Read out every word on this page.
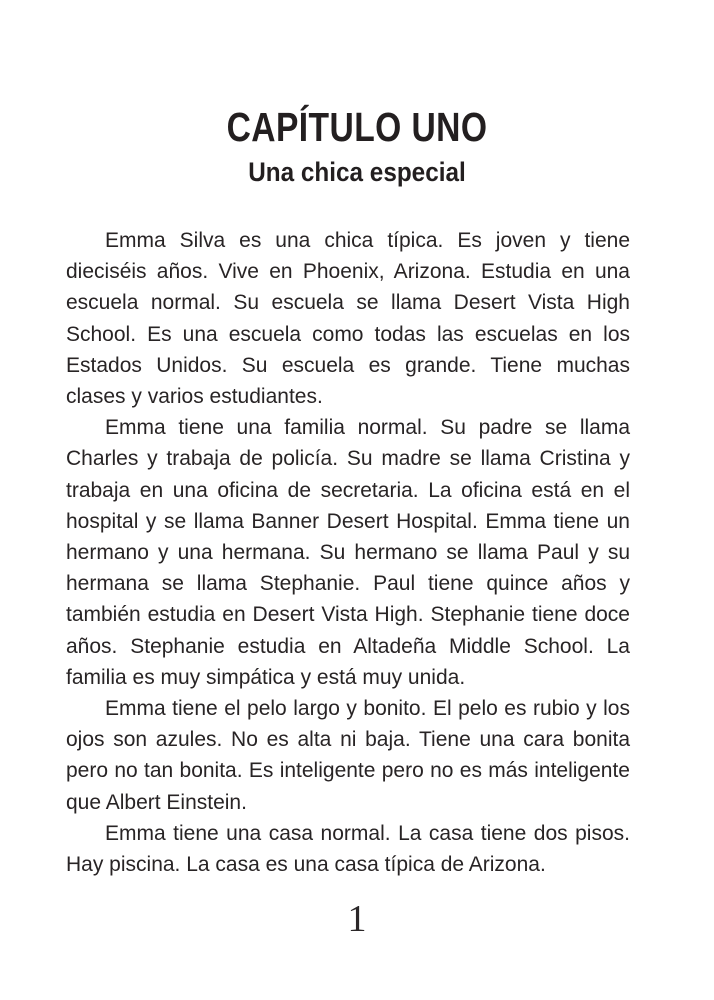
CAPÍTULO UNO
Una chica especial

Emma Silva es una chica típica. Es joven y tiene dieciséis años. Vive en Phoenix, Arizona. Estudia en una escuela normal. Su escuela se llama Desert Vista High School. Es una escuela como todas las escuelas en los Estados Unidos. Su escuela es grande. Tiene muchas clases y varios estudiantes.

Emma tiene una familia normal. Su padre se llama Charles y trabaja de policía. Su madre se llama Cristina y trabaja en una oficina de secretaria. La oficina está en el hospital y se llama Banner Desert Hospital. Emma tiene un hermano y una hermana. Su hermano se llama Paul y su hermana se llama Stephanie. Paul tiene quince años y también estudia en Desert Vista High. Stephanie tiene doce años. Stephanie estudia en Altadeña Middle School. La familia es muy simpática y está muy unida.

Emma tiene el pelo largo y bonito. El pelo es rubio y los ojos son azules. No es alta ni baja. Tiene una cara bonita pero no tan bonita. Es inteligente pero no es más inteligente que Albert Einstein.

Emma tiene una casa normal. La casa tiene dos pisos. Hay piscina. La casa es una casa típica de Arizona.

1
